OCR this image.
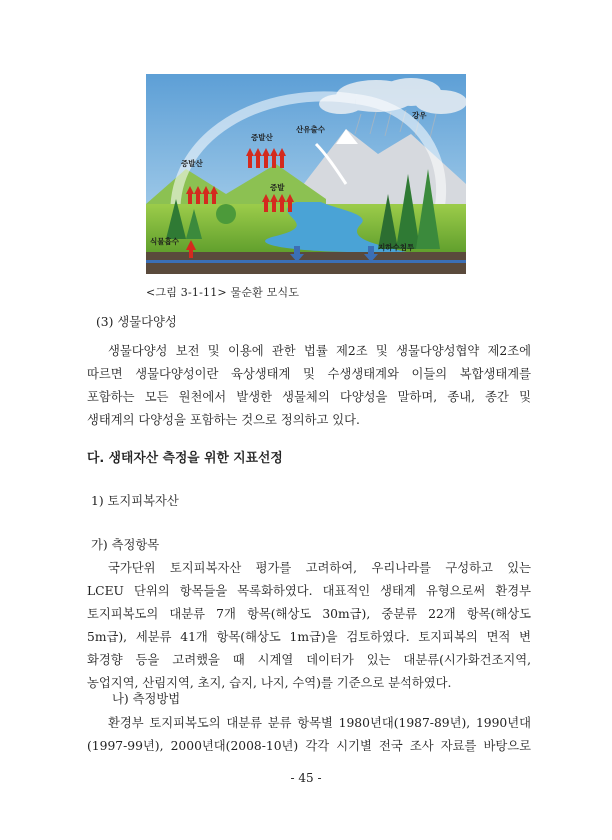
증발산
증발산
증발
산유출수
강우
식물흡수
지하수침투
<그림 3-1-11> 물순환 모식도
(3) 생물다양성
생물다양성 보전 및 이용에 관한 법률 제2조 및 생물다양성협약 제2조에
따르면 생물다양성이란 육상생태계 및 수생생태계와 이들의 복합생태계를
포함하는 모든 원천에서 발생한 생물체의 다양성을 말하며, 종내, 종간 및
생태계의 다양성을 포함하는 것으로 정의하고 있다.
다. 생태자산 측정을 위한 지표선정
1) 토지피복자산
가) 측정항목
국가단위 토지피복자산 평가를 고려하여, 우리나라를 구성하고 있는
LCEU 단위의 항목들을 목록화하였다. 대표적인 생태계 유형으로써 환경부
토지피복도의 대분류 7개 항목(해상도 30m급), 중분류 22개 항목(해상도
5m급), 세분류 41개 항목(해상도 1m급)을 검토하였다. 토지피복의 면적 변
화경향 등을 고려했을 때 시계열 데이터가 있는 대분류(시가화건조지역,
농업지역, 산림지역, 초지, 습지, 나지, 수역)를 기준으로 분석하였다.
나) 측정방법
환경부 토지피복도의 대분류 분류 항목별 1980년대(1987-89년), 1990년대
(1997-99년), 2000년대(2008-10년) 각각 시기별 전국 조사 자료를 바탕으로
- 45 -
